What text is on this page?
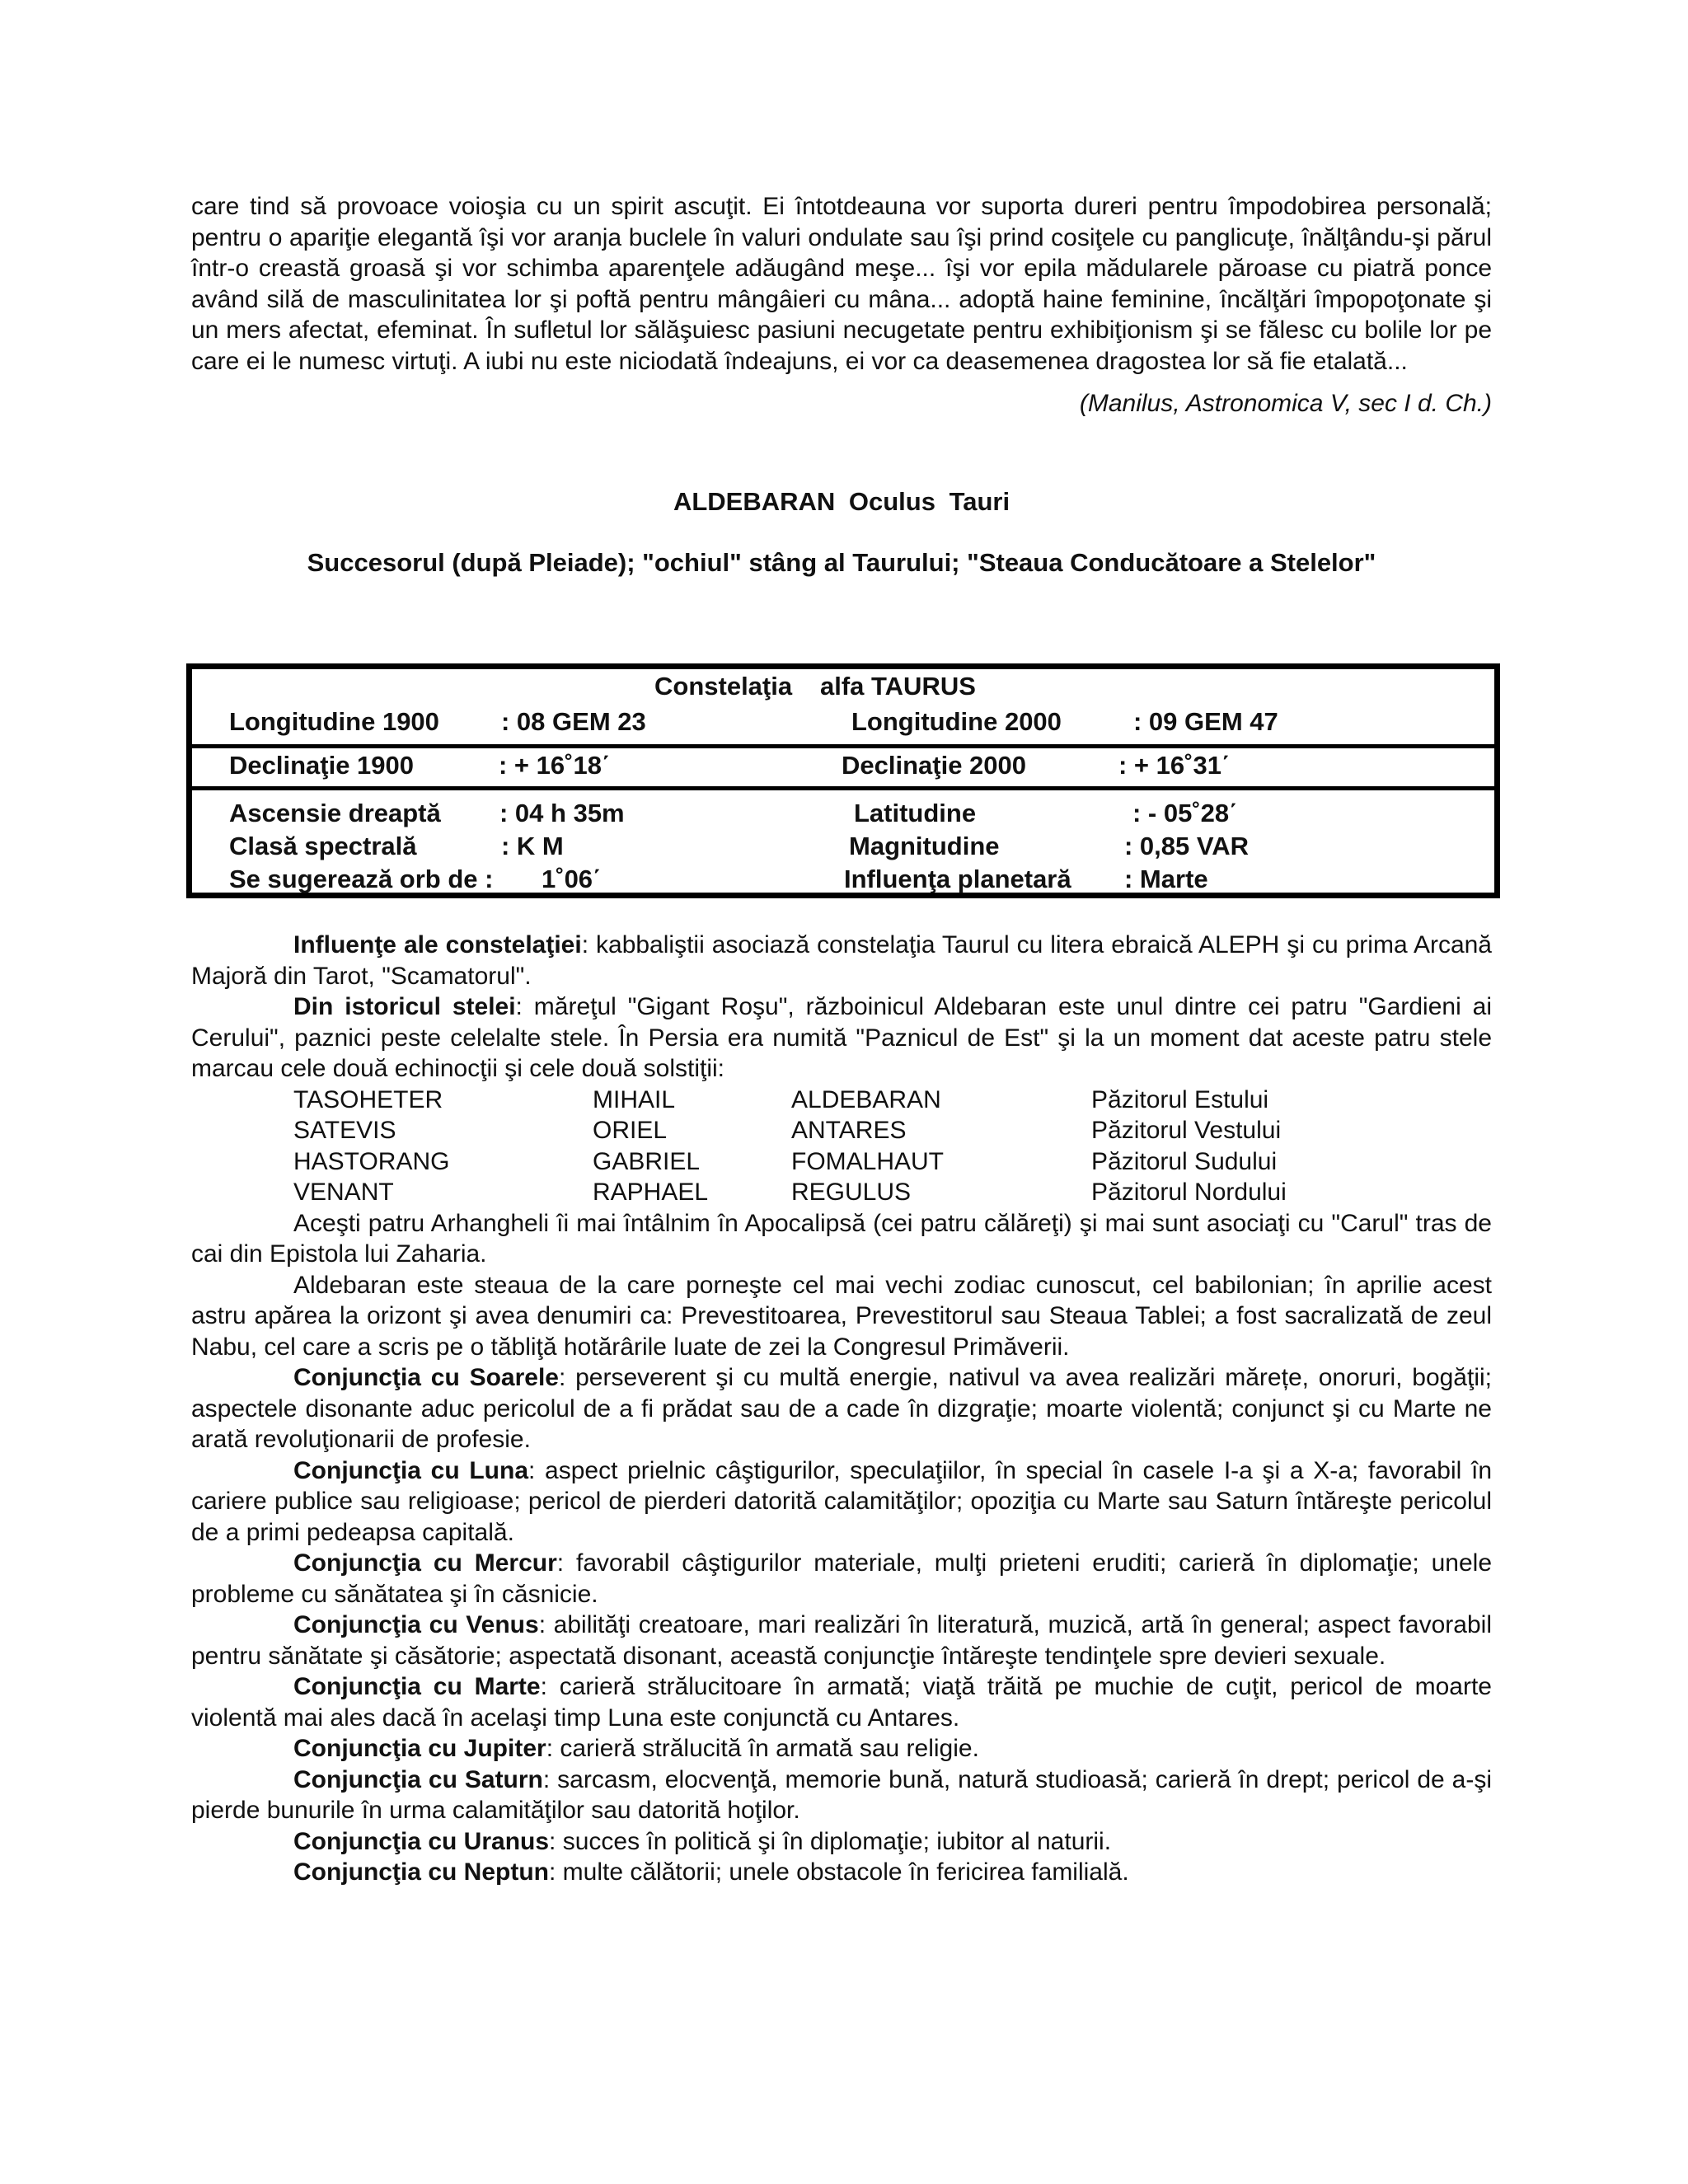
care tind să provoace voioşia cu un spirit ascuţit. Ei întotdeauna vor suporta dureri pentru împodobirea personală; pentru o apariţie elegantă îşi vor aranja buclele în valuri ondulate sau îşi prind cosiţele cu panglicuţe, înălţându-şi părul într-o creastă groasă şi vor schimba aparenţele adăugând meşe... îşi vor epila mădularele păroase cu piatră ponce având silă de masculinitatea lor şi poftă pentru mângâieri cu mâna... adoptă haine feminine, încălţări împopoţonate şi un mers afectat, efeminat. În sufletul lor sălăşuiesc pasiuni necugetate pentru exhibiţionism şi se fălesc cu bolile lor pe care ei le numesc virtuţi. A iubi nu este niciodată îndeajuns, ei vor ca deasemenea dragostea lor să fie etalată...

(Manilus, Astronomica V, sec I d. Ch.)
ALDEBARAN Oculus Tauri
Succesorul (după Pleiade); "ochiul" stâng al Taurului; "Steaua Conducătoare a Stelelor"
Constelaţia alfa TAURUS
Longitudine 1900 : 08 GEM 23	Longitudine 2000	: 09 GEM 47
Declinaţie 1900	: + 16˚18΄	Declinaţie 2000	: + 16˚31΄
Ascensie dreaptă : 04 h 35m	Latitudine	: - 05˚28΄
Clasă spectrală	: K M	Magnitudine	: 0,85 VAR
Se sugerează orb de : 1˚06΄	Influenţa planetară : Marte

Influenţe ale constelaţiei: kabbaliştii asociază constelaţia Taurul cu litera ebraică ALEPH şi cu prima Arcană Majoră din Tarot, "Scamatorul".

Din istoricul stelei: măreţul "Gigant Roşu", războinicul Aldebaran este unul dintre cei patru "Gardieni ai Cerului", paznici peste celelalte stele. În Persia era numită "Paznicul de Est" şi la un moment dat aceste patru stele marcau cele două echinocţii şi cele două solstiţii:

TASOHETER	MIHAIL	ALDEBARAN	Păzitorul Estului
SATEVIS	ORIEL	ANTARES	Păzitorul Vestului
HASTORANG	GABRIEL	FOMALHAUT	Păzitorul Sudului
VENANT	RAPHAEL	REGULUS	Păzitorul Nordului

Aceşti patru Arhangheli îi mai întâlnim în Apocalipsă (cei patru călăreţi) şi mai sunt asociaţi cu "Carul" tras de cai din Epistola lui Zaharia.

Aldebaran este steaua de la care porneşte cel mai vechi zodiac cunoscut, cel babilonian; în aprilie acest astru apărea la orizont şi avea denumiri ca: Prevestitoarea, Prevestitorul sau Steaua Tablei; a fost sacralizată de zeul Nabu, cel care a scris pe o tăbliţă hotărârile luate de zei la Congresul Primăverii.

Conjuncţia cu Soarele: perseverent şi cu multă energie, nativul va avea realizări mărețe, onoruri, bogăţii; aspectele disonante aduc pericolul de a fi prădat sau de a cade în dizgraţie; moarte violentă; conjunct şi cu Marte ne arată revoluţionarii de profesie.

Conjuncţia cu Luna: aspect prielnic câştigurilor, speculaţiilor, în special în casele I-a şi a X-a; favorabil în cariere publice sau religioase; pericol de pierderi datorită calamităţilor; opoziţia cu Marte sau Saturn întăreşte pericolul de a primi pedeapsa capitală.

Conjuncţia cu Mercur: favorabil câştigurilor materiale, mulţi prieteni eruditi; carieră în diplomaţie; unele probleme cu sănătatea şi în căsnicie.

Conjuncţia cu Venus: abilităţi creatoare, mari realizări în literatură, muzică, artă în general; aspect favorabil pentru sănătate şi căsătorie; aspectată disonant, această conjuncţie întăreşte tendinţele spre devieri sexuale.

Conjuncţia cu Marte: carieră strălucitoare în armată; viaţă trăită pe muchie de cuţit, pericol de moarte violentă mai ales dacă în acelaşi timp Luna este conjunctă cu Antares.

Conjuncţia cu Jupiter: carieră strălucită în armată sau religie.

Conjuncţia cu Saturn: sarcasm, elocvenţă, memorie bună, natură studioasă; carieră în drept; pericol de a-şi pierde bunurile în urma calamităţilor sau datorită hoţilor.

Conjuncţia cu Uranus: succes în politică şi în diplomaţie; iubitor al naturii.

Conjuncţia cu Neptun: multe călătorii; unele obstacole în fericirea familială.
